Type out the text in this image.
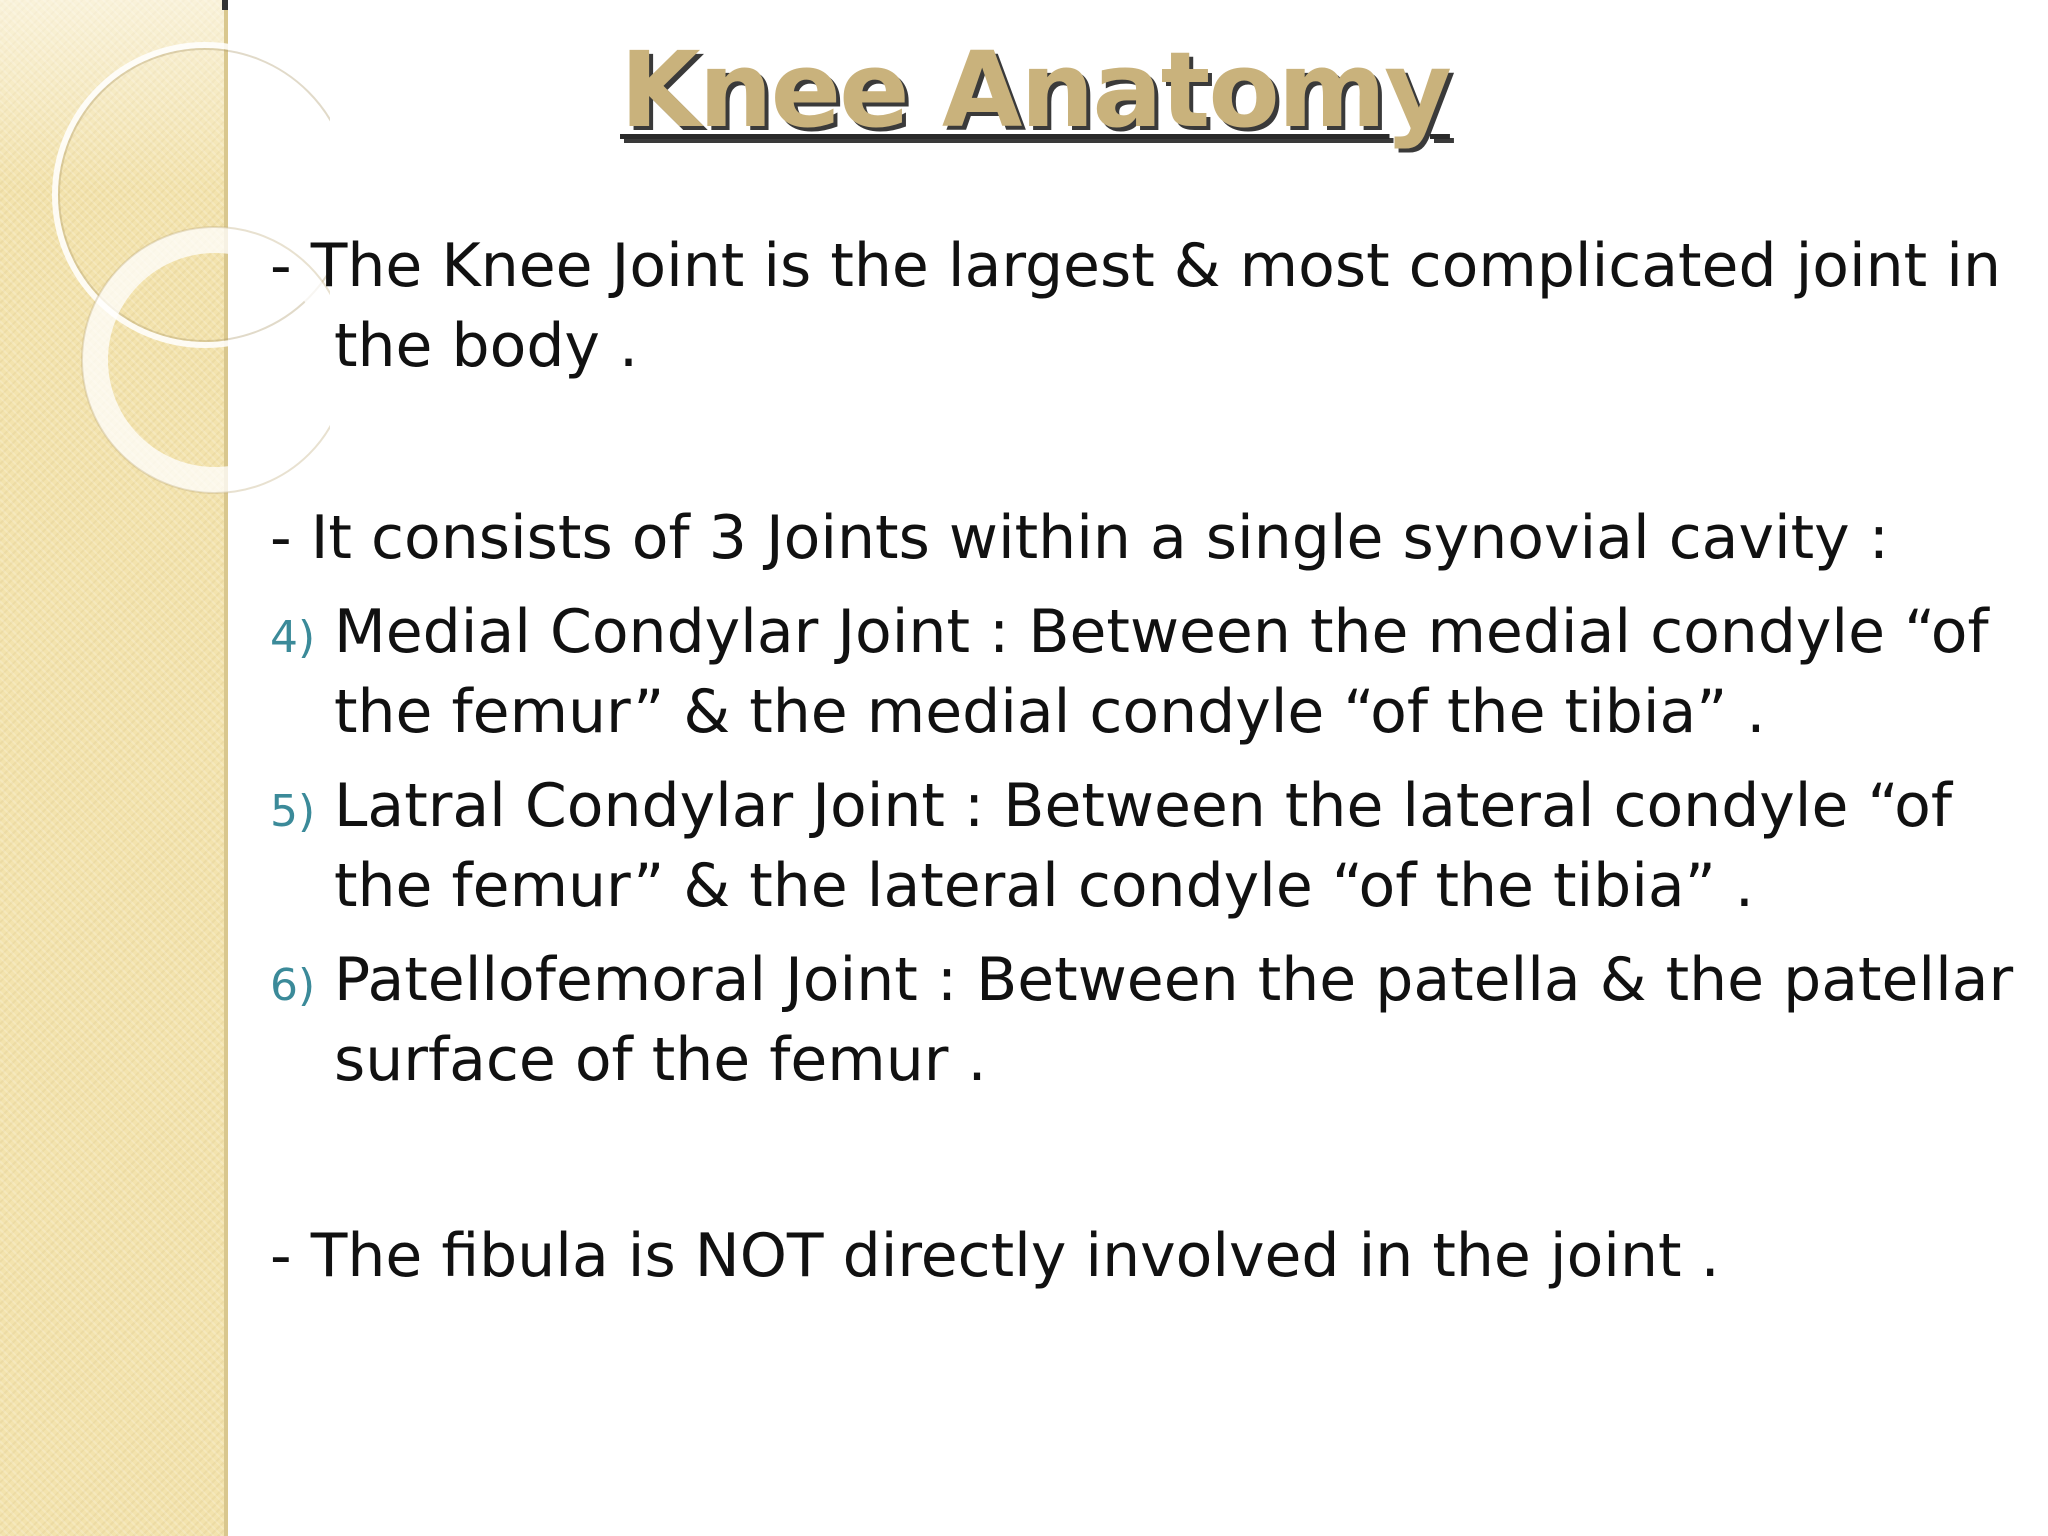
Knee Anatomy

- The Knee Joint is the largest & most complicated joint in the body .

- It consists of 3 Joints within a single synovial cavity :

4) Medial Condylar Joint : Between the medial condyle “of the femur” & the medial condyle “of the tibia” .
5) Latral Condylar Joint : Between the lateral condyle “of the femur” & the lateral condyle “of the tibia” .
6) Patellofemoral Joint : Between the patella & the patellar surface of the femur .

- The fibula is NOT directly involved in the joint .
